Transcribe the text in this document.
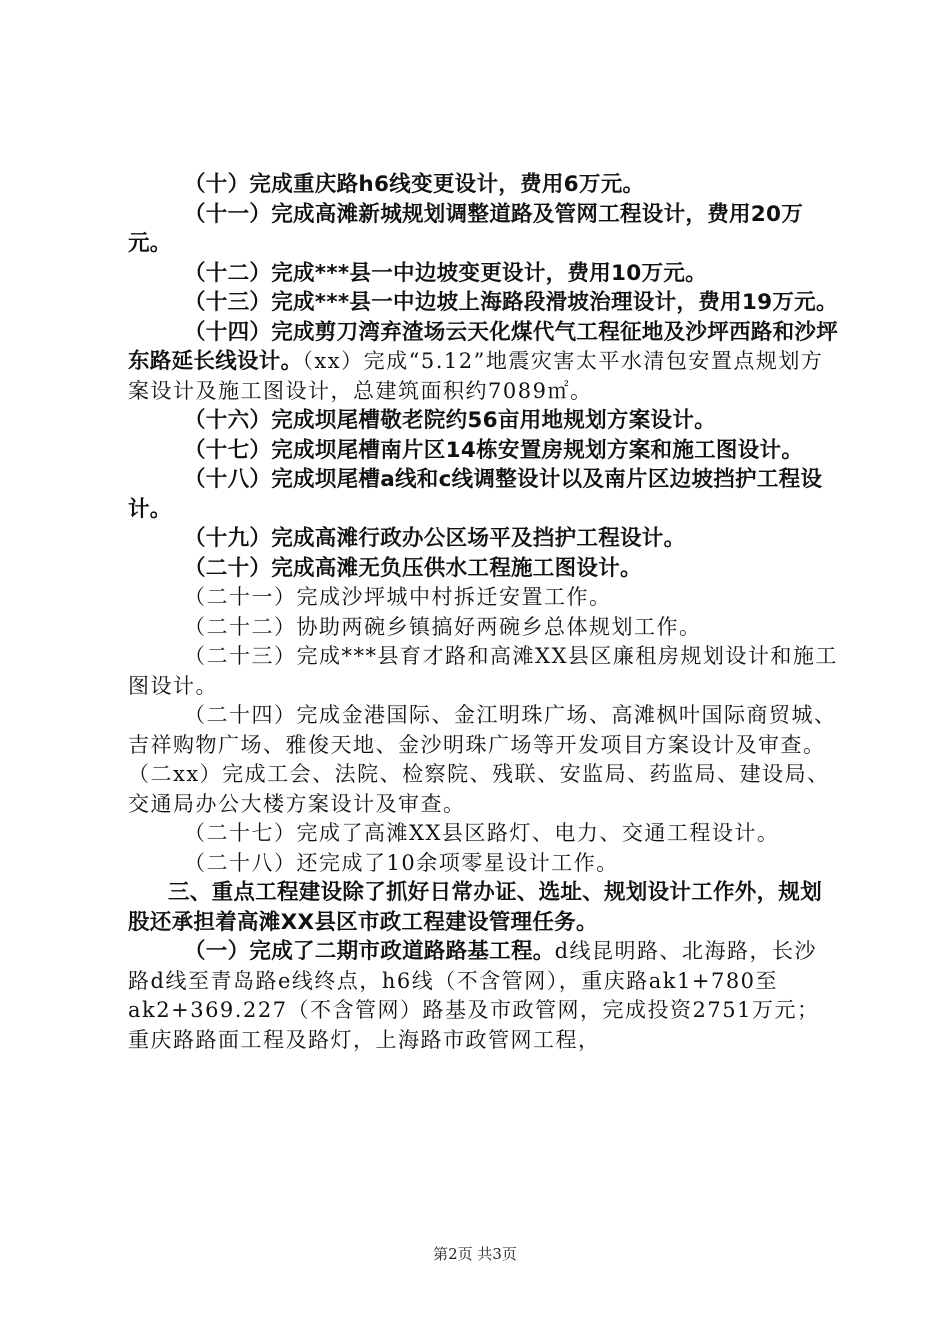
（十）完成重庆路h6线变更设计，费用6万元。

（十一）完成高滩新城规划调整道路及管网工程设计，费用20万元。

（十二）完成***县一中边坡变更设计，费用10万元。

（十三）完成***县一中边坡上海路段滑坡治理设计，费用19万元。

（十四）完成剪刀湾弃渣场云天化煤代气工程征地及沙坪西路和沙坪东路延长线设计。（xx）完成“5.12”地震灾害太平水清包安置点规划方案设计及施工图设计，总建筑面积约7089㎡。

（十六）完成坝尾槽敬老院约56亩用地规划方案设计。

（十七）完成坝尾槽南片区14栋安置房规划方案和施工图设计。

（十八）完成坝尾槽a线和c线调整设计以及南片区边坡挡护工程设计。

（十九）完成高滩行政办公区场平及挡护工程设计。

（二十）完成高滩无负压供水工程施工图设计。

（二十一）完成沙坪城中村拆迁安置工作。

（二十二）协助两碗乡镇搞好两碗乡总体规划工作。

（二十三）完成***县育才路和高滩XX县区廉租房规划设计和施工图设计。

（二十四）完成金港国际、金江明珠广场、高滩枫叶国际商贸城、吉祥购物广场、雅俊天地、金沙明珠广场等开发项目方案设计及审查。（二xx）完成工会、法院、检察院、残联、安监局、药监局、建设局、交通局办公大楼方案设计及审查。

（二十七）完成了高滩XX县区路灯、电力、交通工程设计。

（二十八）还完成了10余项零星设计工作。

三、重点工程建设除了抓好日常办证、选址、规划设计工作外，规划股还承担着高滩XX县区市政工程建设管理任务。

（一）完成了二期市政道路路基工程。d线昆明路、北海路，长沙路d线至青岛路e线终点，h6线（不含管网），重庆路ak1+780至ak2+369.227（不含管网）路基及市政管网，完成投资2751万元；重庆路路面工程及路灯，上海路市政管网工程，

第2页 共3页
